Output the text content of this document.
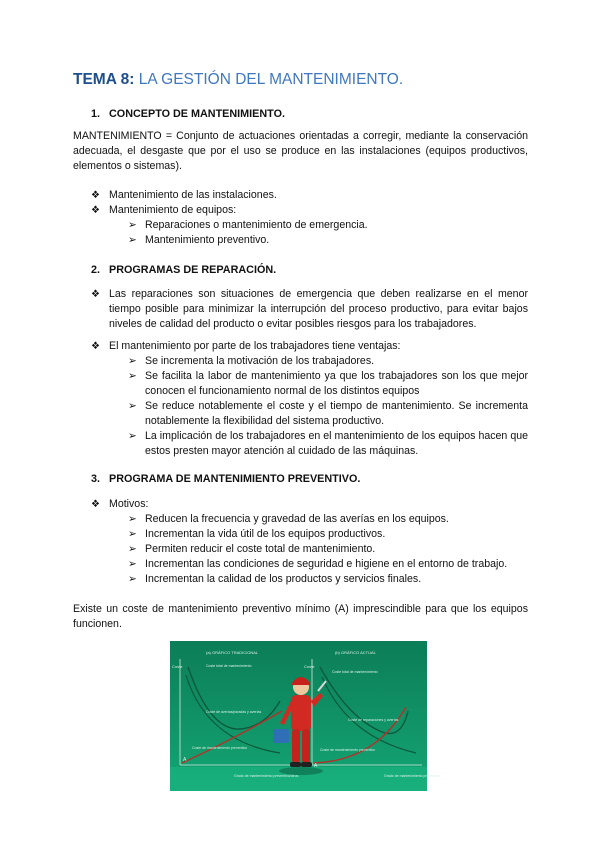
TEMA 8: LA GESTIÓN DEL MANTENIMIENTO.
1. CONCEPTO DE MANTENIMIENTO.
MANTENIMIENTO = Conjunto de actuaciones orientadas a corregir, mediante la conservación adecuada, el desgaste que por el uso se produce en las instalaciones (equipos productivos, elementos o sistemas).
❖ Mantenimiento de las instalaciones.
❖ Mantenimiento de equipos:
➢ Reparaciones o mantenimiento de emergencia.
➢ Mantenimiento preventivo.
2. PROGRAMAS DE REPARACIÓN.
❖ Las reparaciones son situaciones de emergencia que deben realizarse en el menor tiempo posible para minimizar la interrupción del proceso productivo, para evitar bajos niveles de calidad del producto o evitar posibles riesgos para los trabajadores.
❖ El mantenimiento por parte de los trabajadores tiene ventajas:
➢ Se incrementa la motivación de los trabajadores.
➢ Se facilita la labor de mantenimiento ya que los trabajadores son los que mejor conocen el funcionamiento normal de los distintos equipos
➢ Se reduce notablemente el coste y el tiempo de mantenimiento. Se incrementa notablemente la flexibilidad del sistema productivo.
➢ La implicación de los trabajadores en el mantenimiento de los equipos hacen que estos presten mayor atención al cuidado de las máquinas.
3. PROGRAMA DE MANTENIMIENTO PREVENTIVO.
❖ Motivos:
➢ Reducen la frecuencia y gravedad de las averías en los equipos.
➢ Incrementan la vida útil de los equipos productivos.
➢ Permiten reducir el coste total de mantenimiento.
➢ Incrementan las condiciones de seguridad e higiene en el entorno de trabajo.
➢ Incrementan la calidad de los productos y servicios finales.
Existe un coste de mantenimiento preventivo mínimo (A) imprescindible para que los equipos funcionen.
(a) GRÁFICO TRADICIONAL	(b) GRÁFICO ACTUAL
Coste	Coste
Coste total de mantenimiento
Coste de averías/paradas y averías
Coste de mantenimiento preventivo
Grado de mantenimiento preventivo/otros
Coste total de mantenimiento
Coste de reparaciones y averías
Coste de mantenimiento preventivo
Grado de mantenimiento preventivo
A
A
